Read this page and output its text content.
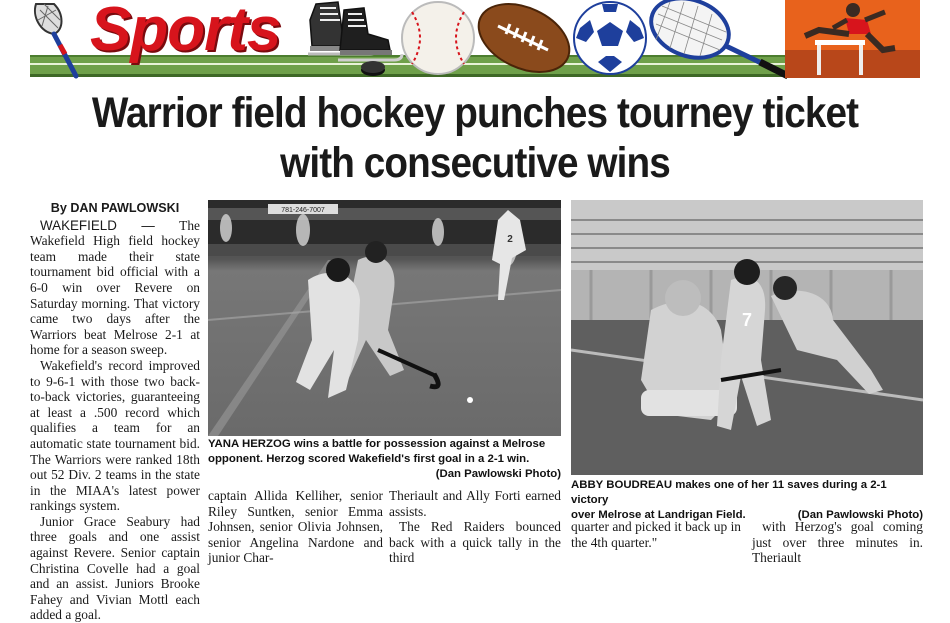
Sports
Warrior field hockey punches tourney ticket
with consecutive wins
By DAN PAWLOWSKI

WAKEFIELD — The Wakefield High field hockey team made their state tournament bid official with a 6-0 win over Revere on Saturday morning. That victory came two days after the Warriors beat Melrose 2-1 at home for a season sweep.

Wakefield's record improved to 9-6-1 with those two back-to-back victories, guaranteeing at least a .500 record which qualifies a team for an automatic state tournament bid. The Warriors were ranked 18th out 52 Div. 2 teams in the state in the MIAA's latest power rankings system.

Junior Grace Seabury had three goals and one assist against Revere. Senior captain Christina Covelle had a goal and an assist. Juniors Brooke Fahey and Vivian Mottl each added a goal.

781-246-7007
2
YANA HERZOG wins a battle for possession against a Melrose opponent. Herzog scored Wakefield's first goal in a 2-1 win.
(Dan Pawlowski Photo)
7
ABBY BOUDREAU makes one of her 11 saves during a 2-1 victory
over Melrose at Landrigan Field.	(Dan Pawlowski Photo)
captain Allida Kelliher, senior Riley Suntken, senior Emma Johnsen, senior Olivia Johnsen, senior Angelina Nardone and junior Char-
Theriault and Ally Forti earned assists.

The Red Raiders bounced back with a quick tally in the third

quarter and picked it back up in the 4th quarter."

with Herzog's goal coming just over three minutes in. Theriault
